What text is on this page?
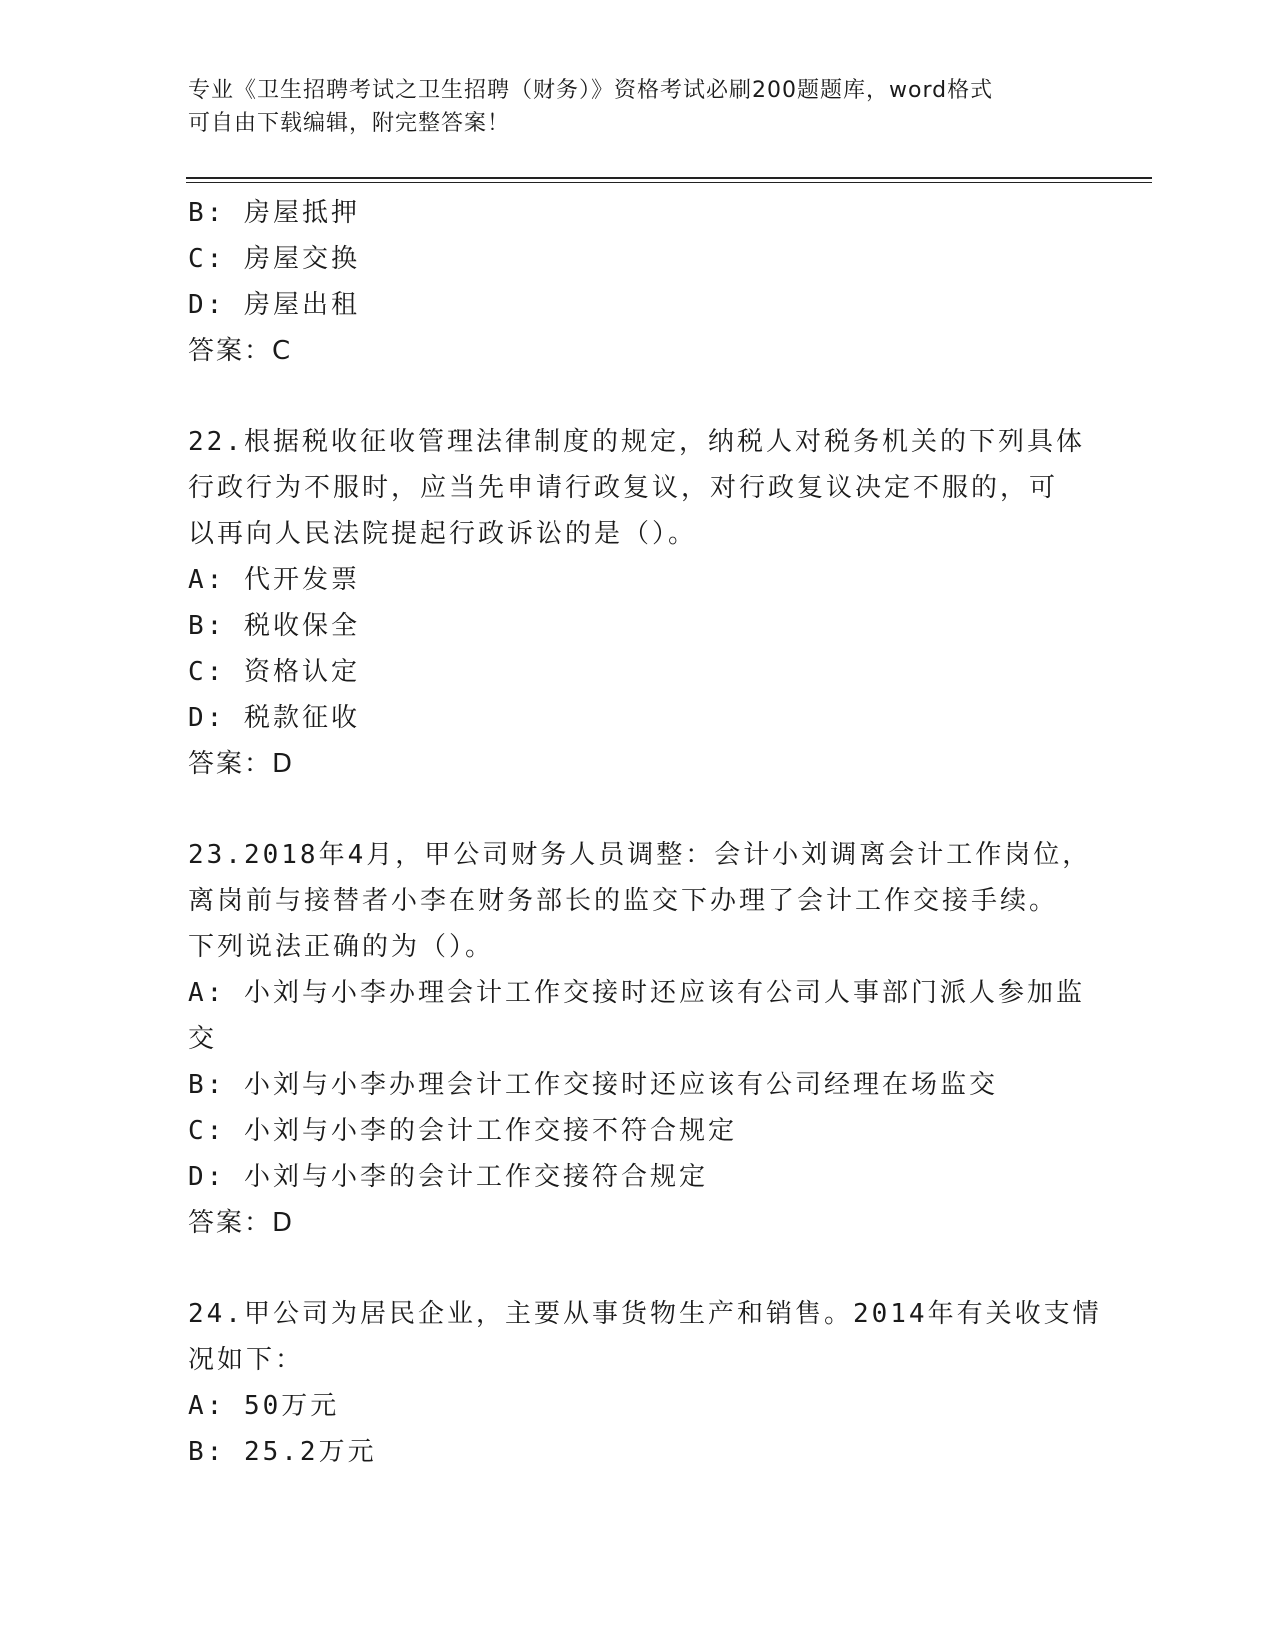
专业《卫生招聘考试之卫生招聘（财务）》资格考试必刷200题题库，word格式
可自由下载编辑，附完整答案！
B: 房屋抵押
C: 房屋交换
D: 房屋出租
答案：C
22.根据税收征收管理法律制度的规定，纳税人对税务机关的下列具体
行政行为不服时，应当先申请行政复议，对行政复议决定不服的，可
以再向人民法院提起行政诉讼的是（）。
A: 代开发票
B: 税收保全
C: 资格认定
D: 税款征收
答案：D
23.2018年4月，甲公司财务人员调整：会计小刘调离会计工作岗位，
离岗前与接替者小李在财务部长的监交下办理了会计工作交接手续。
下列说法正确的为（）。
A: 小刘与小李办理会计工作交接时还应该有公司人事部门派人参加监
交
B: 小刘与小李办理会计工作交接时还应该有公司经理在场监交
C: 小刘与小李的会计工作交接不符合规定
D: 小刘与小李的会计工作交接符合规定
答案：D
24.甲公司为居民企业，主要从事货物生产和销售。2014年有关收支情
况如下：
A: 50万元
B: 25.2万元
